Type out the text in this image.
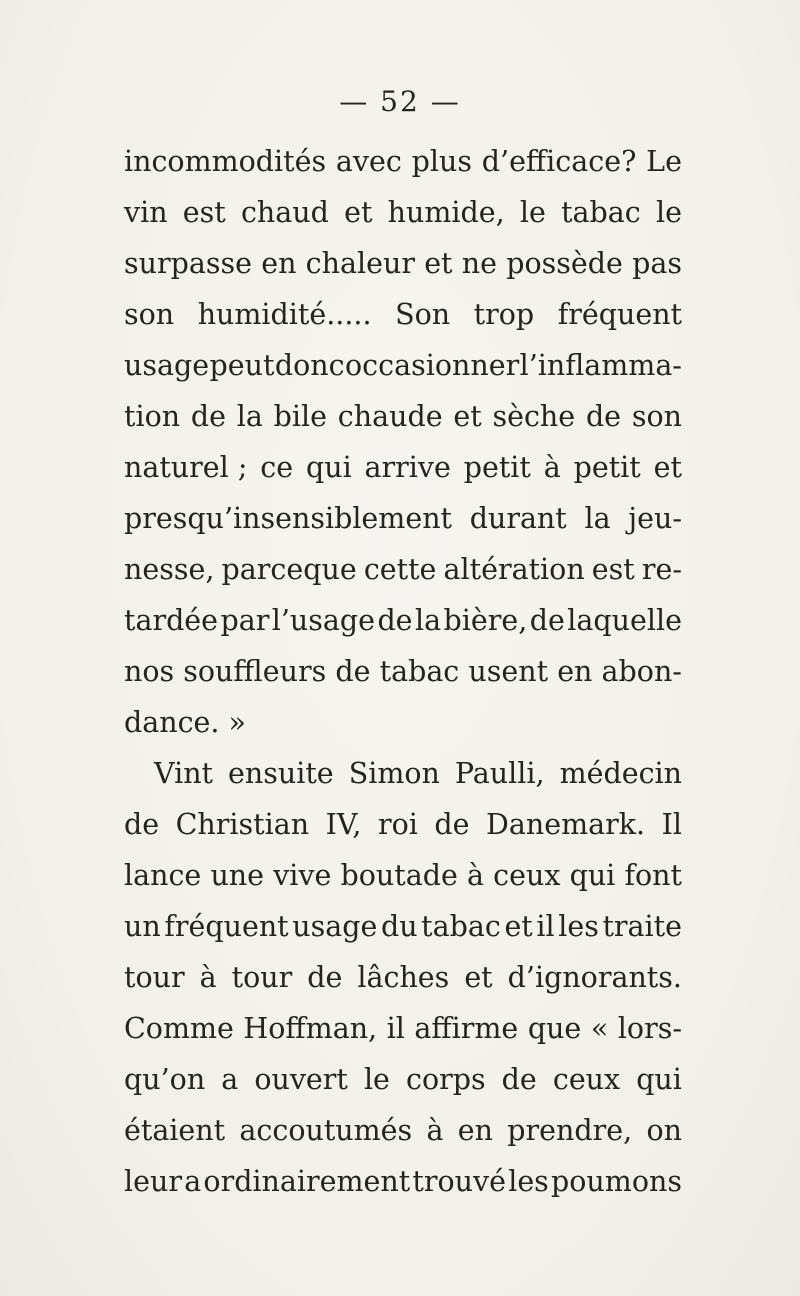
— 52 —
incommodités avec plus d’efficace? Le
vin est chaud et humide, le tabac le
surpasse en chaleur et ne possède pas
son humidité..... Son trop fréquent
usage peut donc occasionner l’inflamma-
tion de la bile chaude et sèche de son
naturel ; ce qui arrive petit à petit et
presqu’insensiblement durant la jeu-
nesse, parceque cette altération est re-
tardée par l’usage de la bière, de laquelle
nos souffleurs de tabac usent en abon-
dance. »
Vint ensuite Simon Paulli, médecin
de Christian IV, roi de Danemark. Il
lance une vive boutade à ceux qui font
un fréquent usage du tabac et il les traite
tour à tour de lâches et d’ignorants.
Comme Hoffman, il affirme que « lors-
qu’on a ouvert le corps de ceux qui
étaient accoutumés à en prendre, on
leur a ordinairement trouvé les poumons
